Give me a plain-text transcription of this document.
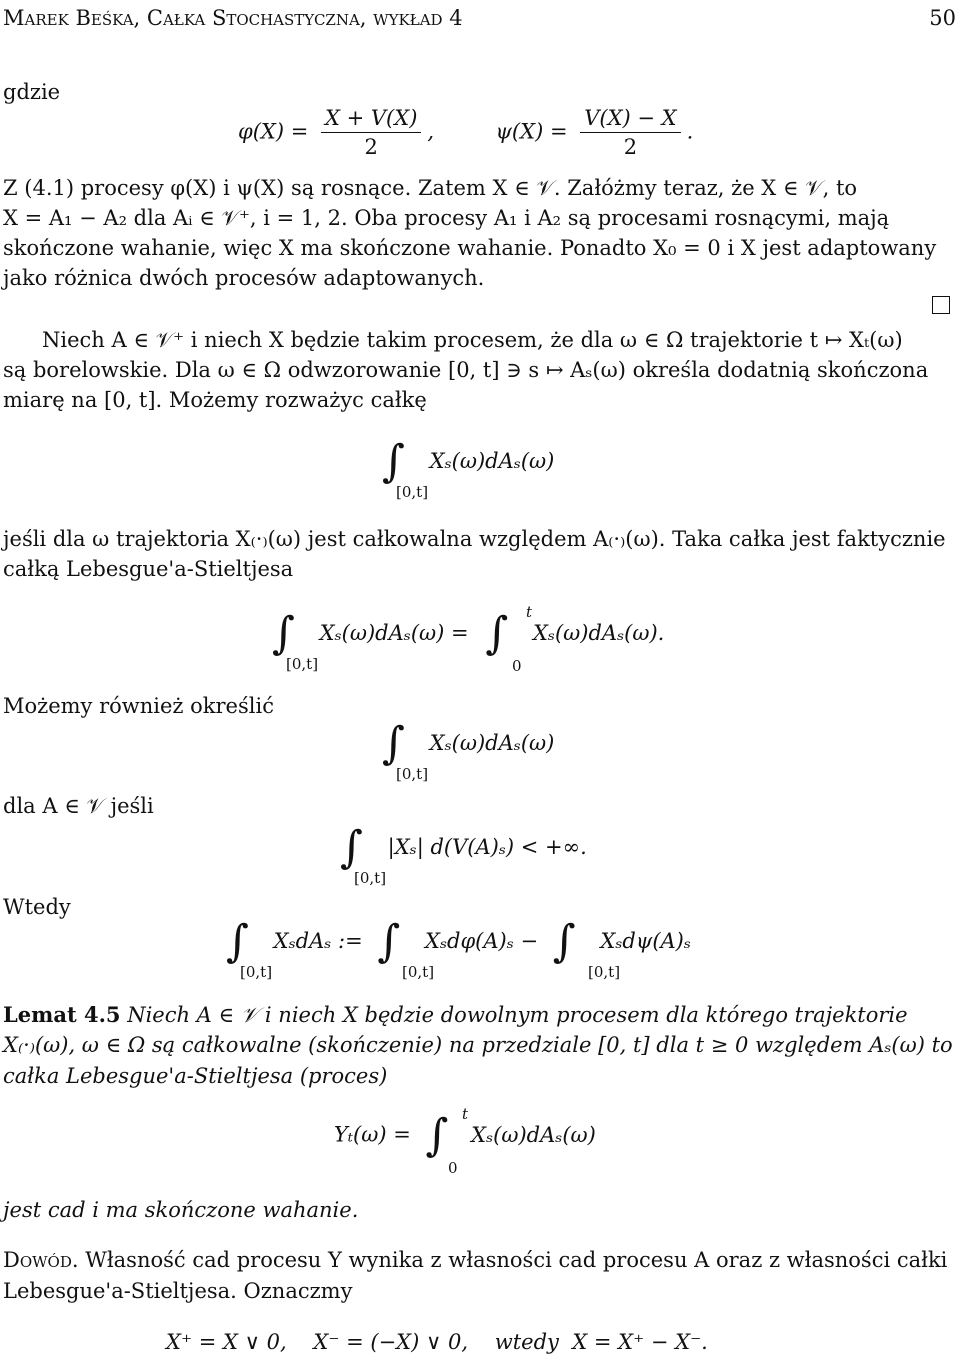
Marek Beśka, Całka Stochastyczna, wykład 4	50
gdzie
$\varphi(X) = \frac{X + V(X)}{2}$ ,	$\psi(X) = \frac{V(X) - X}{2}$ .
Z (4.1) procesy φ(X) i ψ(X) są rosnące. Zatem X ∈ 𝒱. Załóżmy teraz, że X ∈ 𝒱, to
X = A₁ − A₂ dla Aᵢ ∈ 𝒱⁺, i = 1, 2. Oba procesy A₁ i A₂ są procesami rosnącymi, mają
skończone wahanie, więc X ma skończone wahanie. Ponadto X₀ = 0 i X jest adaptowany
jako różnica dwóch procesów adaptowanych.
Niech A ∈ 𝒱⁺ i niech X będzie takim procesem, że dla ω ∈ Ω trajektorie t ↦ Xₜ(ω)
są borelowskie. Dla ω ∈ Ω odwzorowanie [0, t] ∋ s ↦ Aₛ(ω) określa dodatnią skończona
miarę na [0, t]. Możemy rozważyc całkę
∫ Xₛ(ω)dAₛ(ω)
[0,t]
jeśli dla ω trajektoria X₍·₎(ω) jest całkowalna względem A₍·₎(ω). Taka całka jest faktycznie
całką Lebesgue'a-Stieltjesa
∫ Xₛ(ω)dAₛ(ω) = ∫ Xₛ(ω)dAₛ(ω).
[0,t]
t
0
Możemy również określić
∫ Xₛ(ω)dAₛ(ω)
[0,t]
dla A ∈ 𝒱 jeśli
∫ |Xₛ| d(V(A)ₛ) < +∞.
[0,t]
Wtedy
∫ XₛdAₛ := ∫ Xₛdφ(A)ₛ − ∫ Xₛdψ(A)ₛ
[0,t]	[0,t]	[0,t]
Lemat 4.5 Niech A ∈ 𝒱 i niech X będzie dowolnym procesem dla którego trajektorie
X₍·₎(ω), ω ∈ Ω są całkowalne (skończenie) na przedziale [0, t] dla t ≥ 0 względem Aₛ(ω) to
całka Lebesgue'a-Stieltjesa (proces)
Yₜ(ω) = ∫ Xₛ(ω)dAₛ(ω)
t
0
jest cad i ma skończone wahanie.
Dowód. Własność cad procesu Y wynika z własności cad procesu A oraz z własności całki
Lebesgue'a-Stieltjesa. Oznaczmy
X⁺ = X ∨ 0,    X⁻ = (−X) ∨ 0,    wtedy  X = X⁺ − X⁻.
